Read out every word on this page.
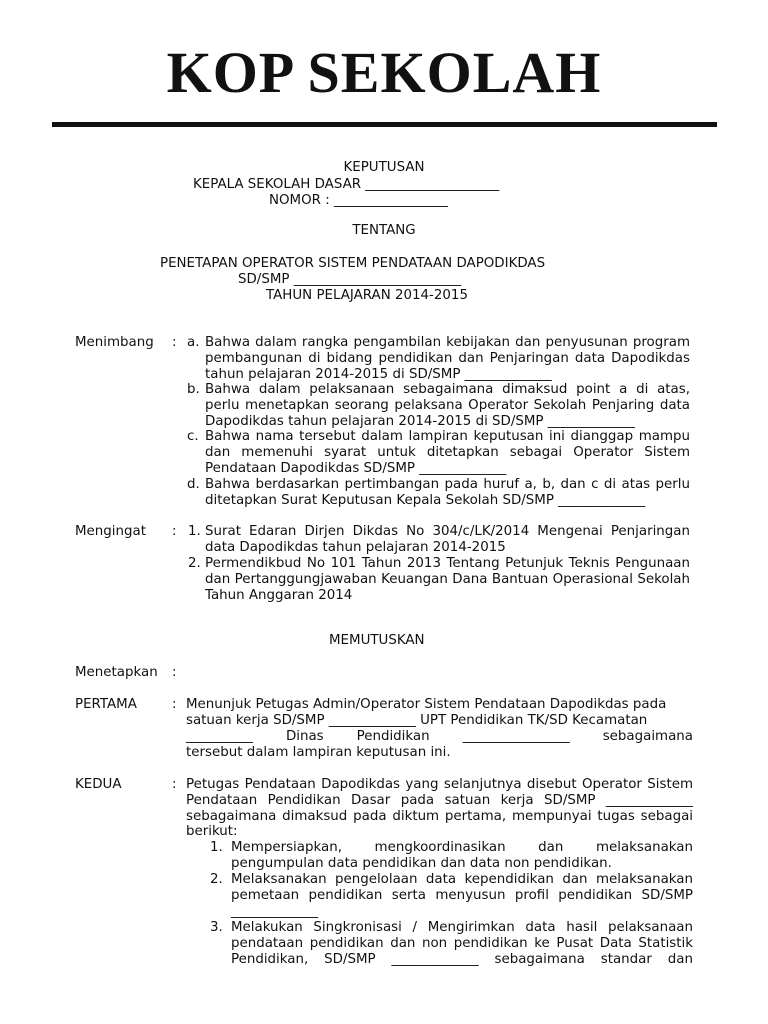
KOP SEKOLAH
KEPUTUSAN
KEPALA SEKOLAH DASAR ____________________
NOMOR : _________________
TENTANG
PENETAPAN OPERATOR SISTEM PENDATAAN DAPODIKDAS
SD/SMP _________________________
TAHUN PELAJARAN 2014-2015
Menimbang : a. Bahwa dalam rangka pengambilan kebijakan dan penyusunan program pembangunan di bidang pendidikan dan Penjaringan data Dapodikdas tahun pelajaran 2014-2015 di SD/SMP _____________
b. Bahwa dalam pelaksanaan sebagaimana dimaksud point a di atas, perlu menetapkan seorang pelaksana Operator Sekolah Penjaring data Dapodikdas tahun pelajaran 2014-2015 di SD/SMP _____________
c. Bahwa nama tersebut dalam lampiran keputusan ini dianggap mampu dan memenuhi syarat untuk ditetapkan sebagai Operator Sistem Pendataan Dapodikdas SD/SMP _____________
d. Bahwa berdasarkan pertimbangan pada huruf a, b, dan c di atas perlu ditetapkan Surat Keputusan Kepala Sekolah SD/SMP _____________
Mengingat : 1. Surat Edaran Dirjen Dikdas No 304/c/LK/2014 Mengenai Penjaringan data Dapodikdas tahun pelajaran 2014-2015
2. Permendikbud No 101 Tahun 2013 Tentang Petunjuk Teknis Pengunaan dan Pertanggungjawaban Keuangan Dana Bantuan Operasional Sekolah Tahun Anggaran 2014
MEMUTUSKAN
Menetapkan :
PERTAMA	: Menunjuk Petugas Admin/Operator Sistem Pendataan Dapodikdas pada
satuan kerja SD/SMP _____________ UPT Pendidikan TK/SD Kecamatan
__________ Dinas Pendidikan ________________ sebagaimana
tersebut dalam lampiran keputusan ini.
KEDUA	: Petugas Pendataan Dapodikdas yang selanjutnya disebut Operator Sistem Pendataan Pendidikan Dasar pada satuan kerja SD/SMP _____________ sebagaimana dimaksud pada diktum pertama, mempunyai tugas sebagai berikut:
1. Mempersiapkan, mengkoordinasikan dan melaksanakan pengumpulan data pendidikan dan data non pendidikan.
2. Melaksanakan pengelolaan data kependidikan dan melaksanakan pemetaan pendidikan serta menyusun profil pendidikan SD/SMP _____________
3. Melakukan Singkronisasi / Mengirimkan data hasil pelaksanaan pendataan pendidikan dan non pendidikan ke Pusat Data Statistik Pendidikan, SD/SMP _____________ sebagaimana standar dan
